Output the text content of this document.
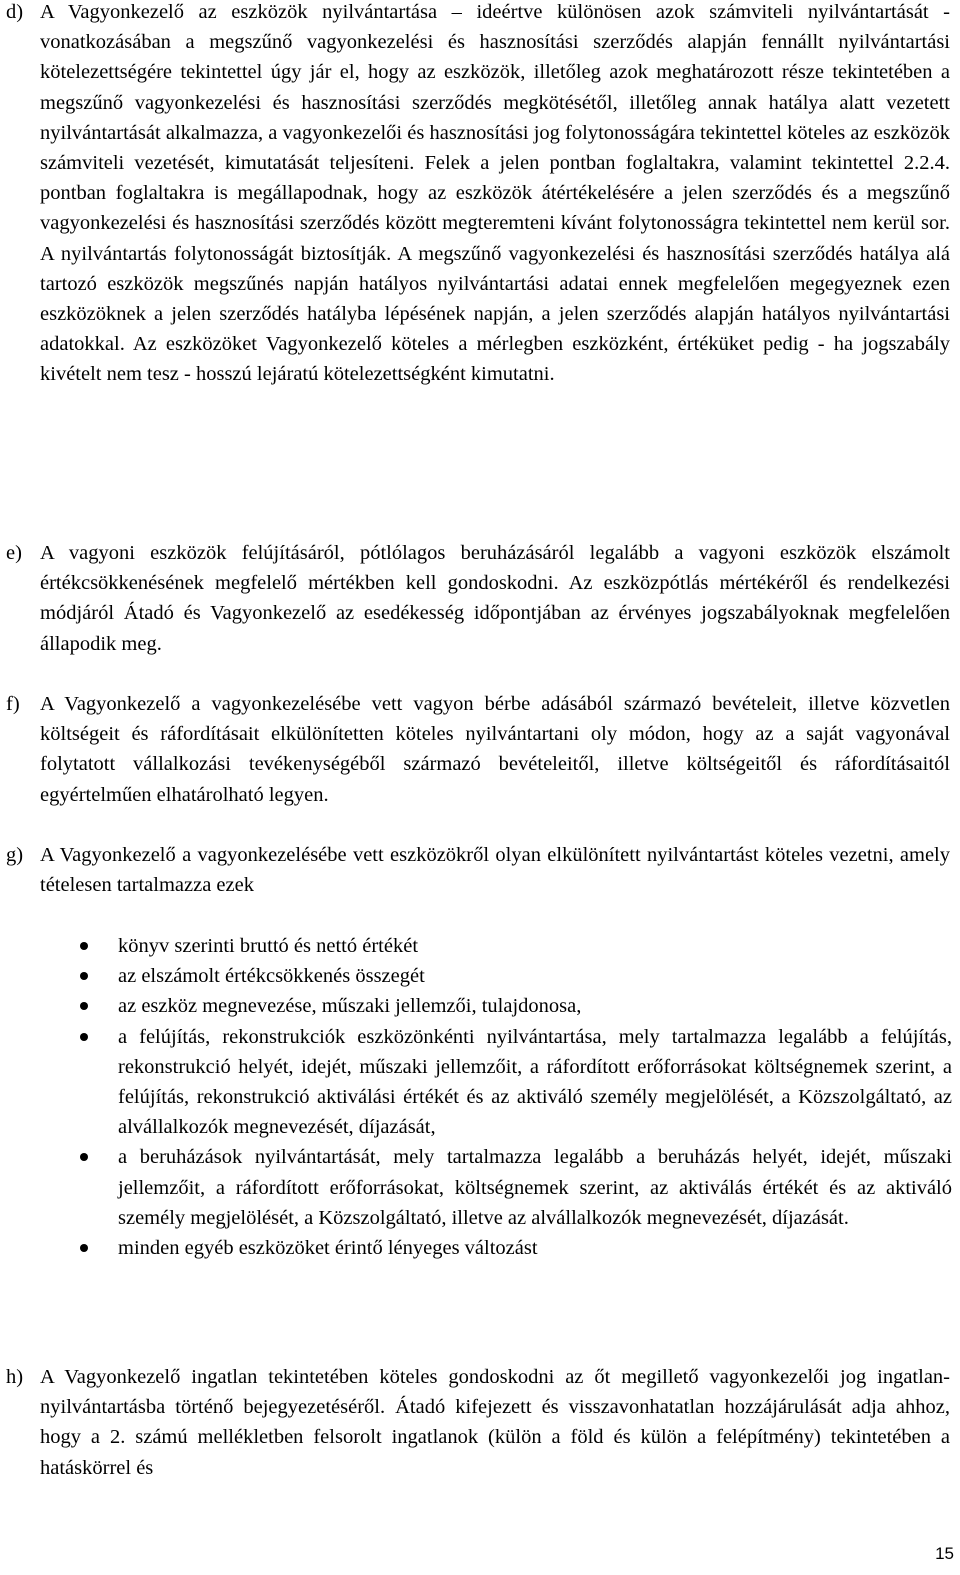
d) A Vagyonkezelő az eszközök nyilvántartása – ideértve különösen azok számviteli nyilvántartását - vonatkozásában a megszűnő vagyonkezelési és hasznosítási szerződés alapján fennállt nyilvántartási kötelezettségére tekintettel úgy jár el, hogy az eszközök, illetőleg azok meghatározott része tekintetében a megszűnő vagyonkezelési és hasznosítási szerződés megkötésétől, illetőleg annak hatálya alatt vezetett nyilvántartását alkalmazza, a vagyonkezelői és hasznosítási jog folytonosságára tekintettel köteles az eszközök számviteli vezetését, kimutatását teljesíteni. Felek a jelen pontban foglaltakra, valamint tekintettel 2.2.4. pontban foglaltakra is megállapodnak, hogy az eszközök átértékelésére a jelen szerződés és a megszűnő vagyonkezelési és hasznosítási szerződés között megteremteni kívánt folytonosságra tekintettel nem kerül sor. A nyilvántartás folytonosságát biztosítják. A megszűnő vagyonkezelési és hasznosítási szerződés hatálya alá tartozó eszközök megszűnés napján hatályos nyilvántartási adatai ennek megfelelően megegyeznek ezen eszközöknek a jelen szerződés hatályba lépésének napján, a jelen szerződés alapján hatályos nyilvántartási adatokkal. Az eszközöket Vagyonkezelő köteles a mérlegben eszközként, értéküket pedig - ha jogszabály kivételt nem tesz - hosszú lejáratú kötelezettségként kimutatni.

e) A vagyoni eszközök felújításáról, pótlólagos beruházásáról legalább a vagyoni eszközök elszámolt értékcsökkenésének megfelelő mértékben kell gondoskodni. Az eszközpótlás mértékéről és rendelkezési módjáról Átadó és Vagyonkezelő az esedékesség időpontjában az érvényes jogszabályoknak megfelelően állapodik meg.

f) A Vagyonkezelő a vagyonkezelésébe vett vagyon bérbe adásából származó bevételeit, illetve közvetlen költségeit és ráfordításait elkülönítetten köteles nyilvántartani oly módon, hogy az a saját vagyonával folytatott vállalkozási tevékenységéből származó bevételeitől, illetve költségeitől és ráfordításaitól egyértelműen elhatárolható legyen.

g) A Vagyonkezelő a vagyonkezelésébe vett eszközökről olyan elkülönített nyilvántartást köteles vezetni, amely tételesen tartalmazza ezek

könyv szerinti bruttó és nettó értékét
az elszámolt értékcsökkenés összegét
az eszköz megnevezése, műszaki jellemzői, tulajdonosa,
a felújítás, rekonstrukciók eszközönkénti nyilvántartása, mely tartalmazza legalább a felújítás, rekonstrukció helyét, idejét, műszaki jellemzőit, a ráfordított erőforrásokat költségnemek szerint, a felújítás, rekonstrukció aktiválási értékét és az aktiváló személy megjelölését, a Közszolgáltató, az alvállalkozók megnevezését, díjazását,
a beruházások nyilvántartását, mely tartalmazza legalább a beruházás helyét, idejét, műszaki jellemzőit, a ráfordított erőforrásokat, költségnemek szerint, az aktiválás értékét és az aktiváló személy megjelölését, a Közszolgáltató, illetve az alvállalkozók megnevezését, díjazását.
minden egyéb eszközöket érintő lényeges változást

h) A Vagyonkezelő ingatlan tekintetében köteles gondoskodni az őt megillető vagyonkezelői jog ingatlan-nyilvántartásba történő bejegyezetéséről. Átadó kifejezett és visszavonhatatlan hozzájárulását adja ahhoz, hogy a 2. számú mellékletben felsorolt ingatlanok (külön a föld és külön a felépítmény) tekintetében a hatáskörrel és

15
